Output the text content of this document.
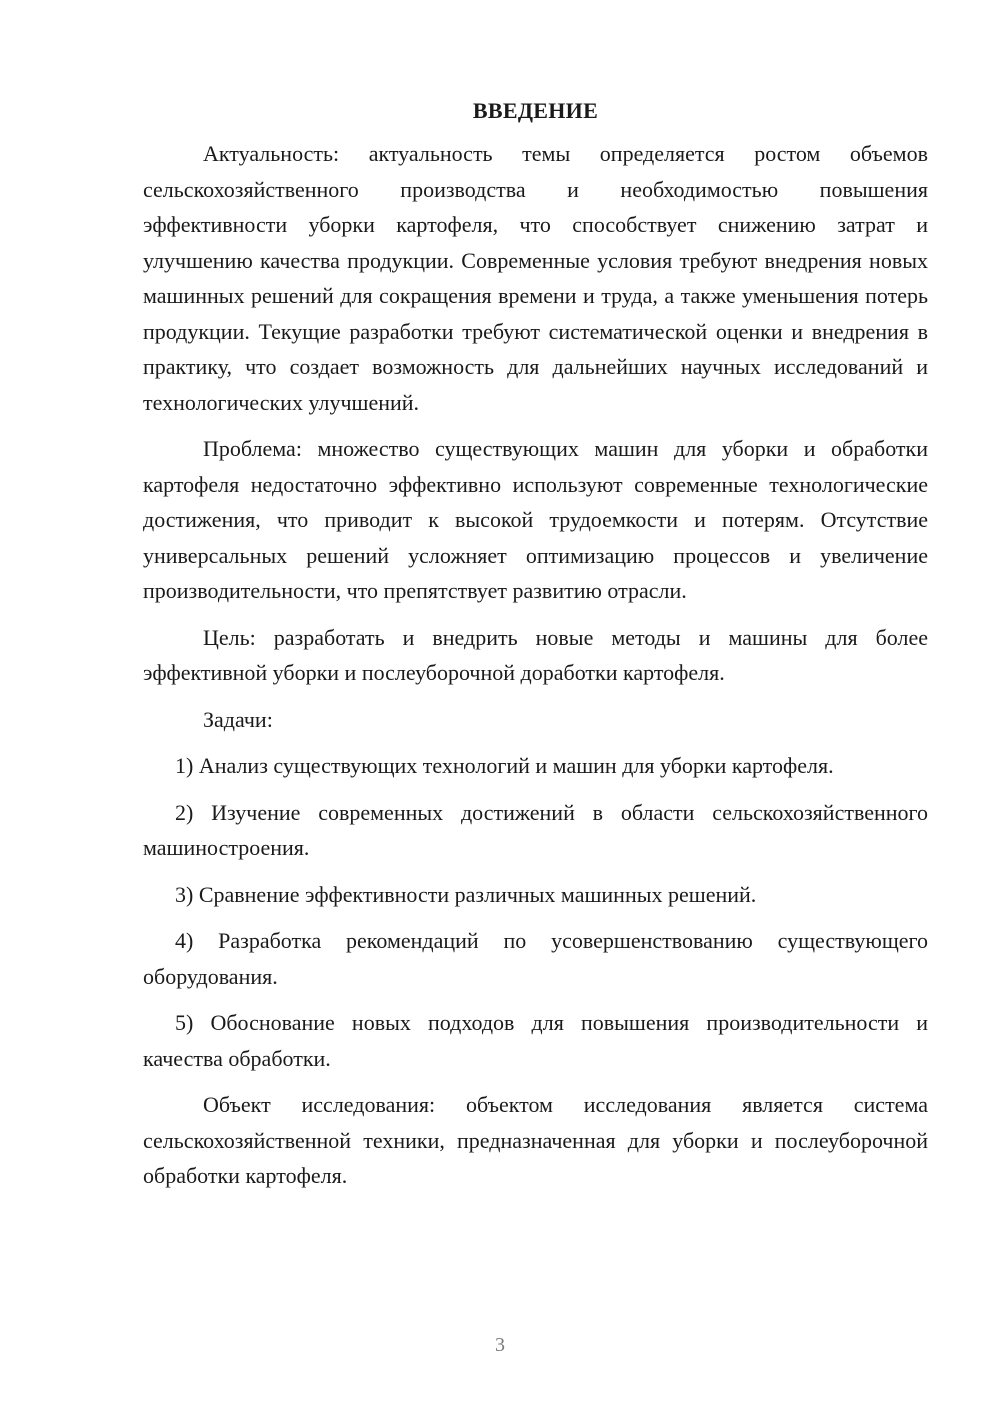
ВВЕДЕНИЕ

Актуальность: актуальность темы определяется ростом объемов сельскохозяйственного производства и необходимостью повышения эффективности уборки картофеля, что способствует снижению затрат и улучшению качества продукции. Современные условия требуют внедрения новых машинных решений для сокращения времени и труда, а также уменьшения потерь продукции. Текущие разработки требуют систематической оценки и внедрения в практику, что создает возможность для дальнейших научных исследований и технологических улучшений.

Проблема: множество существующих машин для уборки и обработки картофеля недостаточно эффективно используют современные технологические достижения, что приводит к высокой трудоемкости и потерям. Отсутствие универсальных решений усложняет оптимизацию процессов и увеличение производительности, что препятствует развитию отрасли.

Цель: разработать и внедрить новые методы и машины для более эффективной уборки и послеуборочной доработки картофеля.

Задачи:

1) Анализ существующих технологий и машин для уборки картофеля.

2) Изучение современных достижений в области сельскохозяйственного машиностроения.

3) Сравнение эффективности различных машинных решений.

4) Разработка рекомендаций по усовершенствованию существующего оборудования.

5) Обоснование новых подходов для повышения производительности и качества обработки.

Объект исследования: объектом исследования является система сельскохозяйственной техники, предназначенная для уборки и послеуборочной обработки картофеля.

3
